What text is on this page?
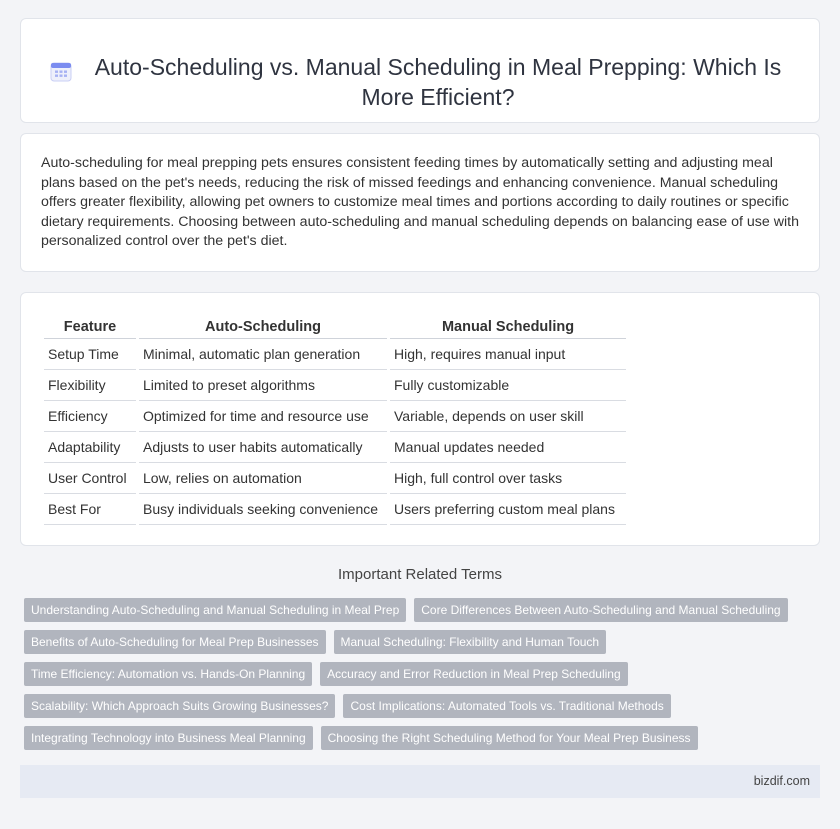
Auto-Scheduling vs. Manual Scheduling in Meal Prepping: Which Is More Efficient?

Auto-scheduling for meal prepping pets ensures consistent feeding times by automatically setting and adjusting meal plans based on the pet's needs, reducing the risk of missed feedings and enhancing convenience. Manual scheduling offers greater flexibility, allowing pet owners to customize meal times and portions according to daily routines or specific dietary requirements. Choosing between auto-scheduling and manual scheduling depends on balancing ease of use with personalized control over the pet's diet.

Feature	Auto-Scheduling	Manual Scheduling
Setup Time	Minimal, automatic plan generation	High, requires manual input
Flexibility	Limited to preset algorithms	Fully customizable
Efficiency	Optimized for time and resource use	Variable, depends on user skill
Adaptability	Adjusts to user habits automatically	Manual updates needed
User Control	Low, relies on automation	High, full control over tasks
Best For	Busy individuals seeking convenience	Users preferring custom meal plans
Important Related Terms
Understanding Auto-Scheduling and Manual Scheduling in Meal Prep	Core Differences Between Auto-Scheduling and Manual Scheduling
Benefits of Auto-Scheduling for Meal Prep Businesses	Manual Scheduling: Flexibility and Human Touch
Time Efficiency: Automation vs. Hands-On Planning	Accuracy and Error Reduction in Meal Prep Scheduling
Scalability: Which Approach Suits Growing Businesses?	Cost Implications: Automated Tools vs. Traditional Methods
Integrating Technology into Business Meal Planning	Choosing the Right Scheduling Method for Your Meal Prep Business
bizdif.com
